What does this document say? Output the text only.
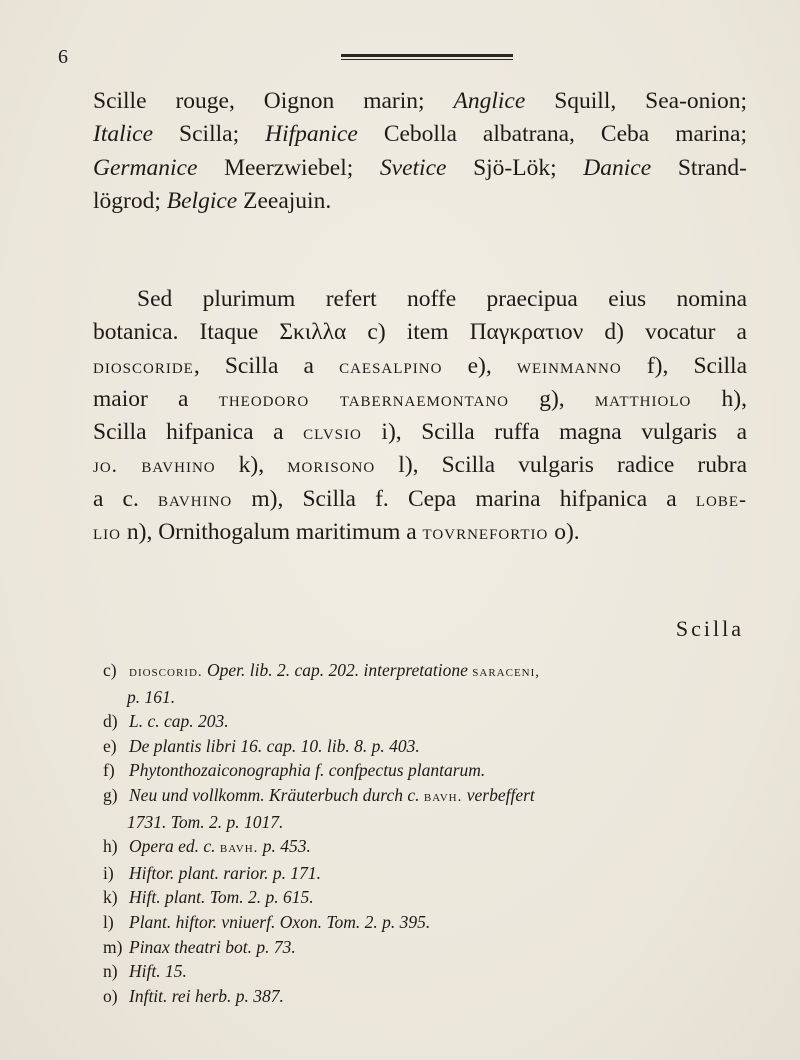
6
Scille rouge, Oignon marin; Anglice Squill, Sea-onion;
Italice Scilla; Hifpanice Cebolla albatrana, Ceba marina;
Germanice Meerzwiebel; Svetice Sjö-Lök; Danice Strand-
lögrod; Belgice Zeeajuin.
Sed plurimum refert noffe praecipua eius nomina
botanica. Itaque Σκιλλα c) item Παγκρατιον d) vocatur a
dioscoride, Scilla a caesalpino e), weinmanno f), Scilla
maior a theodoro tabernaemontano g), matthiolo h),
Scilla hifpanica a clvsio i), Scilla ruffa magna vulgaris a
jo. bavhino k), morisono l), Scilla vulgaris radice rubra
a c. bavhino m), Scilla f. Cepa marina hifpanica a lobe-
lio n), Ornithogalum maritimum a tovrnefortio o).
Scilla
c) dioscorid. Oper. lib. 2. cap. 202. interpretatione saraceni,
p. 161.
d) L. c. cap. 203.
e) De plantis libri 16. cap. 10. lib. 8. p. 403.
f) Phytonthozaiconographia f. confpectus plantarum.
g) Neu und vollkomm. Kräuterbuch durch c. bavh. verbeffert
1731. Tom. 2. p. 1017.
h) Opera ed. c. bavh. p. 453.
i) Hiftor. plant. rarior. p. 171.
k) Hift. plant. Tom. 2. p. 615.
l) Plant. hiftor. vniuerf. Oxon. Tom. 2. p. 395.
m) Pinax theatri bot. p. 73.
n) Hift. 15.
o) Inftit. rei herb. p. 387.
